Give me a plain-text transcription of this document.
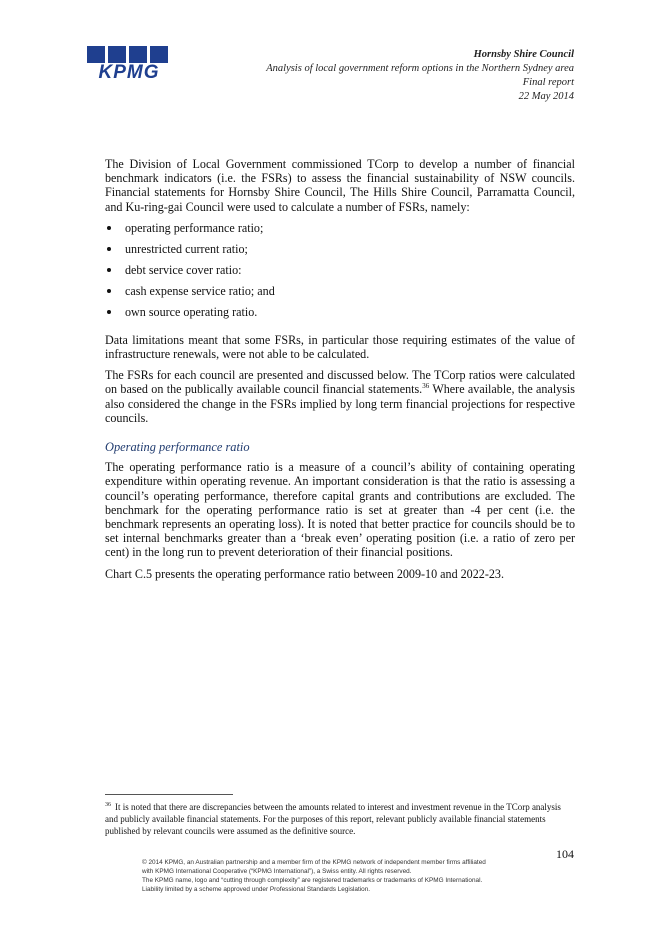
KPMG
Hornsby Shire Council
Analysis of local government reform options in the Northern Sydney area
Final report
22 May 2014

The Division of Local Government commissioned TCorp to develop a number of financial benchmark indicators (i.e. the FSRs) to assess the financial sustainability of NSW councils. Financial statements for Hornsby Shire Council, The Hills Shire Council, Parramatta Council, and Ku-ring-gai Council were used to calculate a number of FSRs, namely:

operating performance ratio;
unrestricted current ratio;
debt service cover ratio:
cash expense service ratio; and
own source operating ratio.

Data limitations meant that some FSRs, in particular those requiring estimates of the value of infrastructure renewals, were not able to be calculated.

The FSRs for each council are presented and discussed below. The TCorp ratios were calculated on based on the publically available council financial statements.$^{36}$ Where available, the analysis also considered the change in the FSRs implied by long term financial projections for respective councils.

Operating performance ratio

The operating performance ratio is a measure of a council’s ability of containing operating expenditure within operating revenue. An important consideration is that the ratio is assessing a council’s operating performance, therefore capital grants and contributions are excluded. The benchmark for the operating performance ratio is set at greater than -4 per cent (i.e. the benchmark represents an operating loss). It is noted that better practice for councils should be to set internal benchmarks greater than a ‘break even’ operating position (i.e. a ratio of zero per cent) in the long run to prevent deterioration of their financial positions.

Chart C.5 presents the operating performance ratio between 2009-10 and 2022-23.

$^{36}$ It is noted that there are discrepancies between the amounts related to interest and investment revenue in the TCorp analysis and publicly available financial statements. For the purposes of this report, relevant publicly available financial statements published by relevant councils were assumed as the definitive source.
104
© 2014 KPMG, an Australian partnership and a member firm of the KPMG network of independent member firms affiliated
with KPMG International Cooperative (“KPMG International”), a Swiss entity. All rights reserved.
The KPMG name, logo and “cutting through complexity” are registered trademarks or trademarks of KPMG International.
Liability limited by a scheme approved under Professional Standards Legislation.
